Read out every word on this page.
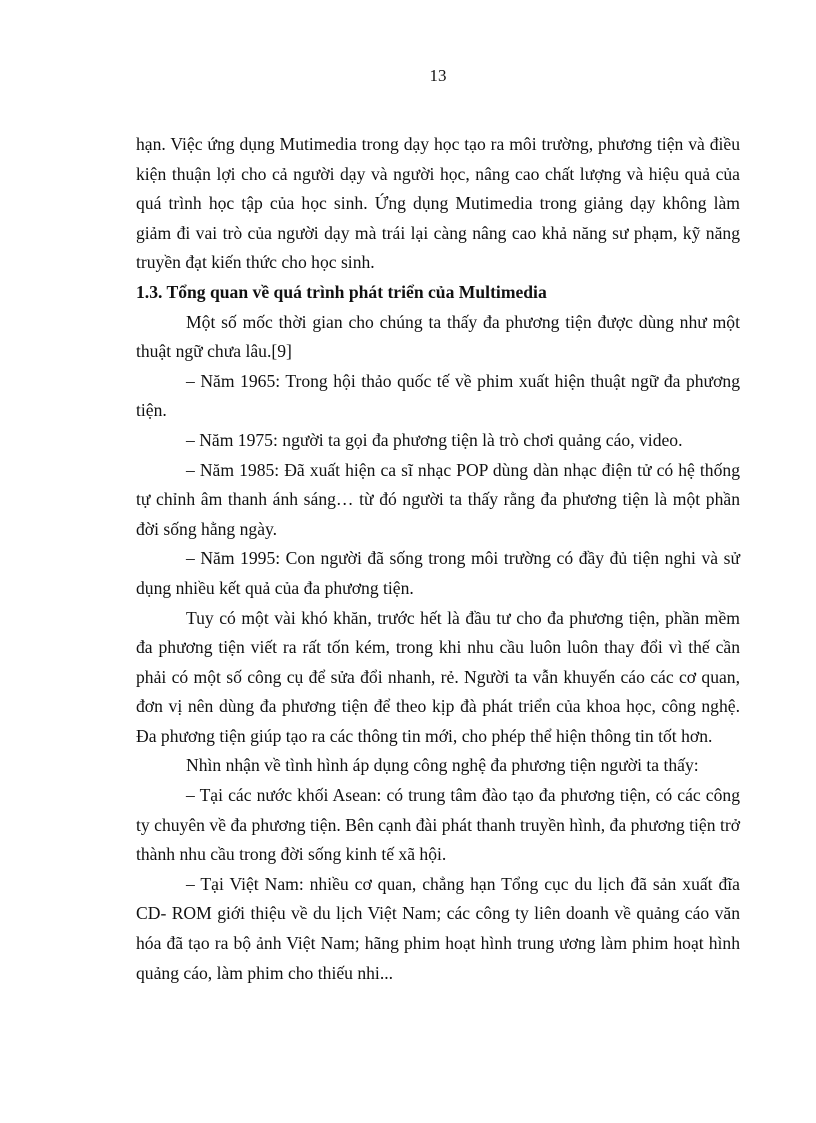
13

hạn. Việc ứng dụng Mutimedia trong dạy học tạo ra môi trường, phương tiện và điều kiện thuận lợi cho cả người dạy và người học, nâng cao chất lượng và hiệu quả của quá trình học tập của học sinh. Ứng dụng Mutimedia trong giảng dạy không làm giảm đi vai trò của người dạy mà trái lại càng nâng cao khả năng sư phạm, kỹ năng truyền đạt kiến thức cho học sinh.

1.3. Tổng quan về quá trình phát triển của Multimedia

Một số mốc thời gian cho chúng ta thấy đa phương tiện được dùng như một thuật ngữ chưa lâu.[9]

– Năm 1965: Trong hội thảo quốc tế về phim xuất hiện thuật ngữ đa phương tiện.

– Năm 1975: người ta gọi đa phương tiện là trò chơi quảng cáo, video.

– Năm 1985: Đã xuất hiện ca sĩ nhạc POP dùng dàn nhạc điện tử có hệ thống tự chỉnh âm thanh ánh sáng… từ đó người ta thấy rằng đa phương tiện là một phần đời sống hằng ngày.

– Năm 1995: Con người đã sống trong môi trường có đầy đủ tiện nghi và sử dụng nhiều kết quả của đa phương tiện.

Tuy có một vài khó khăn, trước hết là đầu tư cho đa phương tiện, phần mềm đa phương tiện viết ra rất tốn kém, trong khi nhu cầu luôn luôn thay đổi vì thế cần phải có một số công cụ để sửa đổi nhanh, rẻ. Người ta vẫn khuyến cáo các cơ quan, đơn vị nên dùng đa phương tiện để theo kịp đà phát triển của khoa học, công nghệ. Đa phương tiện giúp tạo ra các thông tin mới, cho phép thể hiện thông tin tốt hơn.

Nhìn nhận về tình hình áp dụng công nghệ đa phương tiện người ta thấy:

– Tại các nước khối Asean: có trung tâm đào tạo đa phương tiện, có các công ty chuyên về đa phương tiện. Bên cạnh đài phát thanh truyền hình, đa phương tiện trở thành nhu cầu trong đời sống kinh tế xã hội.

– Tại Việt Nam: nhiều cơ quan, chẳng hạn Tổng cục du lịch đã sản xuất đĩa CD- ROM giới thiệu về du lịch Việt Nam; các công ty liên doanh về quảng cáo văn hóa đã tạo ra bộ ảnh Việt Nam; hãng phim hoạt hình trung ương làm phim hoạt hình quảng cáo, làm phim cho thiếu nhi...
